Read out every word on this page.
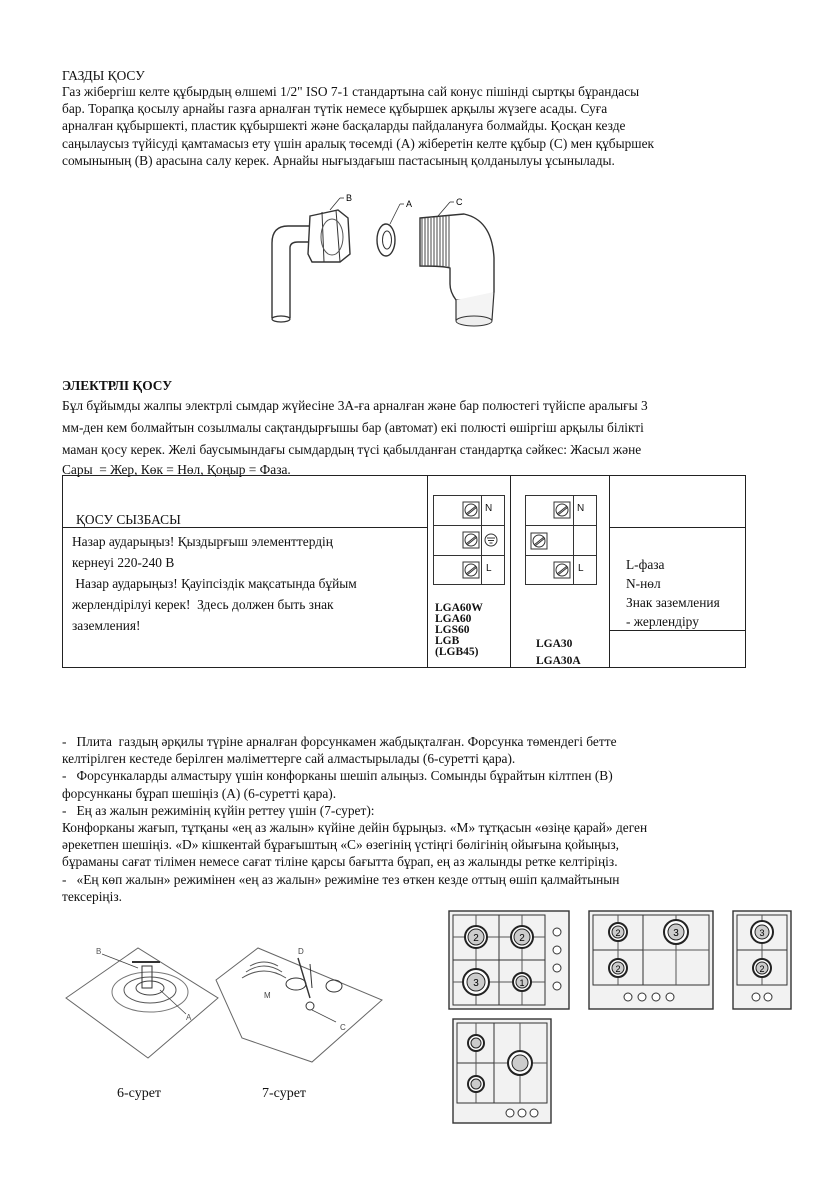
ГАЗДЫ ҚОСУ

Газ жібергіш келте құбырдың өлшемі 1/2" ISO 7-1 стандартына сай конус пішінді сыртқы бұрандасы

бар. Торапқа қосылу арнайы газға арналған түтік немесе құбыршек арқылы жүзеге асады. Суға

арналған құбыршекті, пластик құбыршекті және басқаларды пайдалануға болмайды. Қосқан кезде

саңылаусыз түйісуді қамтамасыз ету үшін аралық төсемді (А) жіберетін келте құбыр (С) мен құбыршек

сомынының (В) арасына салу керек. Арнайы нығыздағыш пастасының қолданылуы ұсынылады.

B
A	C
ЭЛЕКТРЛІ ҚОСУ

Бұл бұйымды жалпы электрлі сымдар жүйесіне 3А-ға арналған және бар полюстегі түйіспе аралығы 3

мм-ден кем болмайтын созылмалы сақтандырғышы бар (автомат) екі полюсті өшіргіш арқылы білікті

маман қосу керек. Желі баусымындағы сымдардың түсі қабылданған стандартқа сәйкес: Жасыл және

Сары  = Жер, Көк = Нөл, Қоңыр = Фаза.

ҚОСУ СЫЗБАСЫ

Назар аударыңыз! Қыздырғыш элементтердің

кернеуі 220-240 В

Назар аударыңыз! Қауіпсіздік мақсатында бұйым

жерлендірілуі керек!  Здесь должен быть знак

заземления!

N
L
LGA60W
LGA60
LGS60
LGB
(LGB45)
N
L
LGA30
LGA30A

L-фаза

N-нөл

Знак заземления

- жерлендіру

-   Плита  газдың әрқилы түріне арналған форсункамен жабдықталған. Форсунка төмендегі бетте

келтірілген кестеде берілген мәліметтерге сай алмастырылады (6-суретті қара).

-   Форсункаларды алмастыру үшін конфорканы шешіп алыңыз. Сомынды бұрайтын кілтпен (В)

форсунканы бұрап шешіңіз (А) (6-суретті қара).

-   Ең аз жалын режимінің күйін реттеу үшін (7-сурет):

Конфорканы жағып, тұтқаны «ең аз жалын» күйіне дейін бұрыңыз. «М» тұтқасын «өзіңе қарай» деген

әрекетпен шешіңіз. «D» кішкентай бұрағыштың «С» өзегінің үстіңгі бөлігінің ойығына қойыңыз,

бұраманы сағат тілімен немесе сағат тіліне қарсы бағытта бұрап, ең аз жалынды ретке келтіріңіз.

-   «Ең көп жалын» режимінен «ең аз жалын» режиміне тез өткен кезде оттың өшіп қалмайтынын

тексеріңіз.

B
A
6-сурет
D
M
C
7-сурет
2	2
3	1
2	3
2
3
2
